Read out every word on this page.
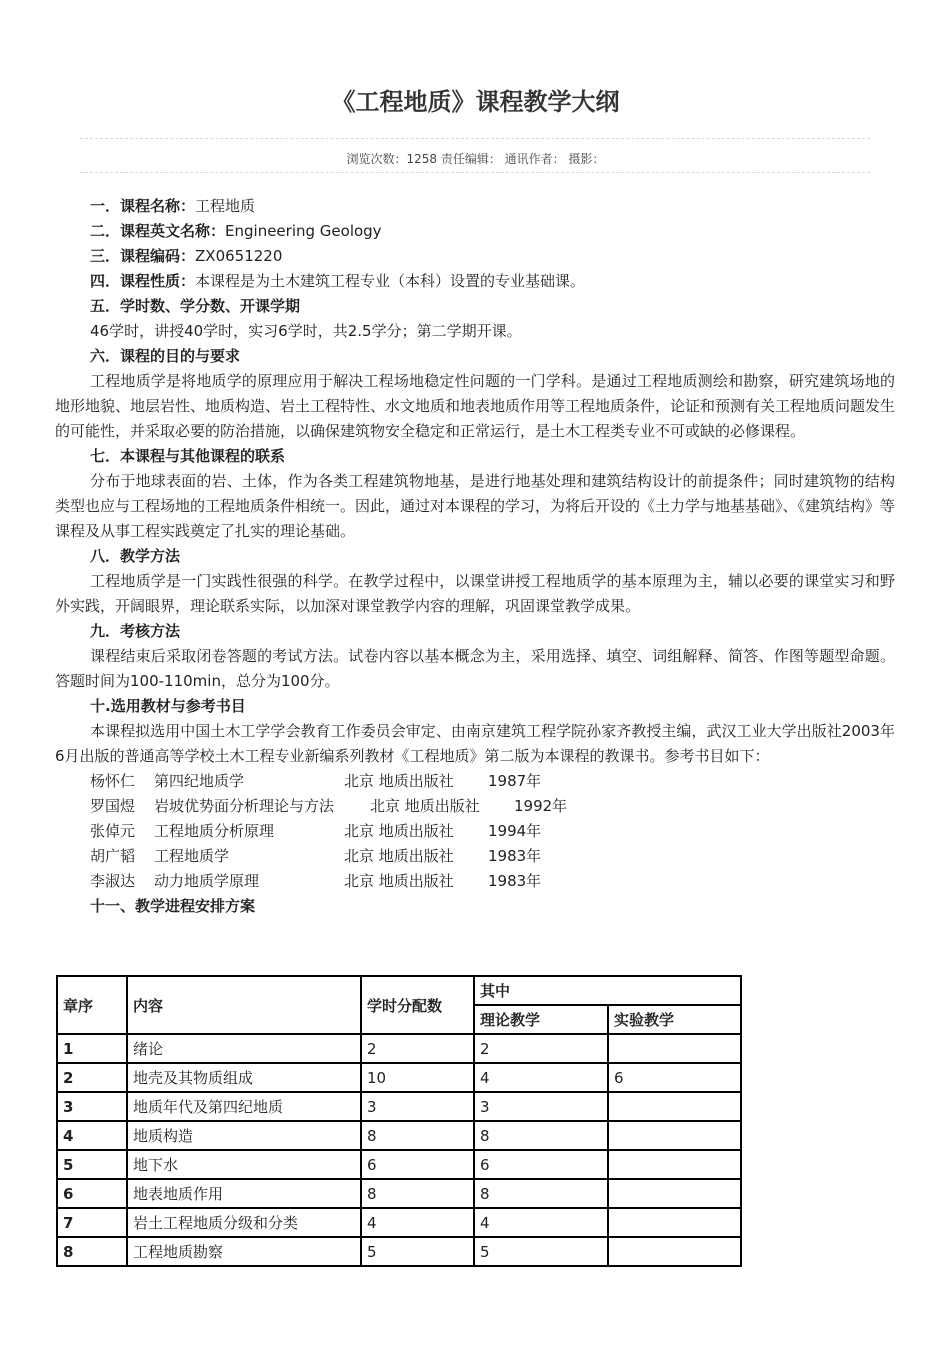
《工程地质》课程教学大纲
浏览次数：1258 责任编辑： 通讯作者： 摄影：
一．课程名称：工程地质
二．课程英文名称：Engineering Geology
三．课程编码：ZX0651220
四．课程性质：本课程是为土木建筑工程专业（本科）设置的专业基础课。
五．学时数、学分数、开课学期
46学时，讲授40学时，实习6学时，共2.5学分；第二学期开课。
六．课程的目的与要求
工程地质学是将地质学的原理应用于解决工程场地稳定性问题的一门学科。是通过工程地质测绘和勘察，研究建筑场地的地形地貌、地层岩性、地质构造、岩土工程特性、水文地质和地表地质作用等工程地质条件，论证和预测有关工程地质问题发生的可能性，并采取必要的防治措施，以确保建筑物安全稳定和正常运行，是土木工程类专业不可或缺的必修课程。
七．本课程与其他课程的联系
分布于地球表面的岩、土体，作为各类工程建筑物地基，是进行地基处理和建筑结构设计的前提条件；同时建筑物的结构类型也应与工程场地的工程地质条件相统一。因此，通过对本课程的学习，为将后开设的《土力学与地基基础》、《建筑结构》等课程及从事工程实践奠定了扎实的理论基础。
八．教学方法
工程地质学是一门实践性很强的科学。在教学过程中，以课堂讲授工程地质学的基本原理为主，辅以必要的课堂实习和野外实践，开阔眼界，理论联系实际，以加深对课堂教学内容的理解，巩固课堂教学成果。
九．考核方法
课程结束后采取闭卷答题的考试方法。试卷内容以基本概念为主，采用选择、填空、词组解释、简答、作图等题型命题。答题时间为100-110min，总分为100分。
十.选用教材与参考书目
本课程拟选用中国土木工学学会教育工作委员会审定、由南京建筑工程学院孙家齐教授主编，武汉工业大学出版社2003年6月出版的普通高等学校土木工程专业新编系列教材《工程地质》第二版为本课程的教课书。参考书目如下：
杨怀仁	第四纪地质学	北京 地质出版社	1987年
罗国煜	岩坡优势面分析理论与方法	北京 地质出版社	1992年
张倬元	工程地质分析原理	北京 地质出版社	1994年
胡广韬	工程地质学	北京 地质出版社	1983年
李淑达	动力地质学原理	北京 地质出版社	1983年
十一、教学进程安排方案
章序	内容	学时分配数	其中	
			理论教学	实验教学
1	绪论	2	2	
2	地壳及其物质组成	10	4	6
3	地质年代及第四纪地质	3	3	
4	地质构造	8	8	
5	地下水	6	6	
6	地表地质作用	8	8	
7	岩土工程地质分级和分类	4	4	
8	工程地质勘察	5	5	
